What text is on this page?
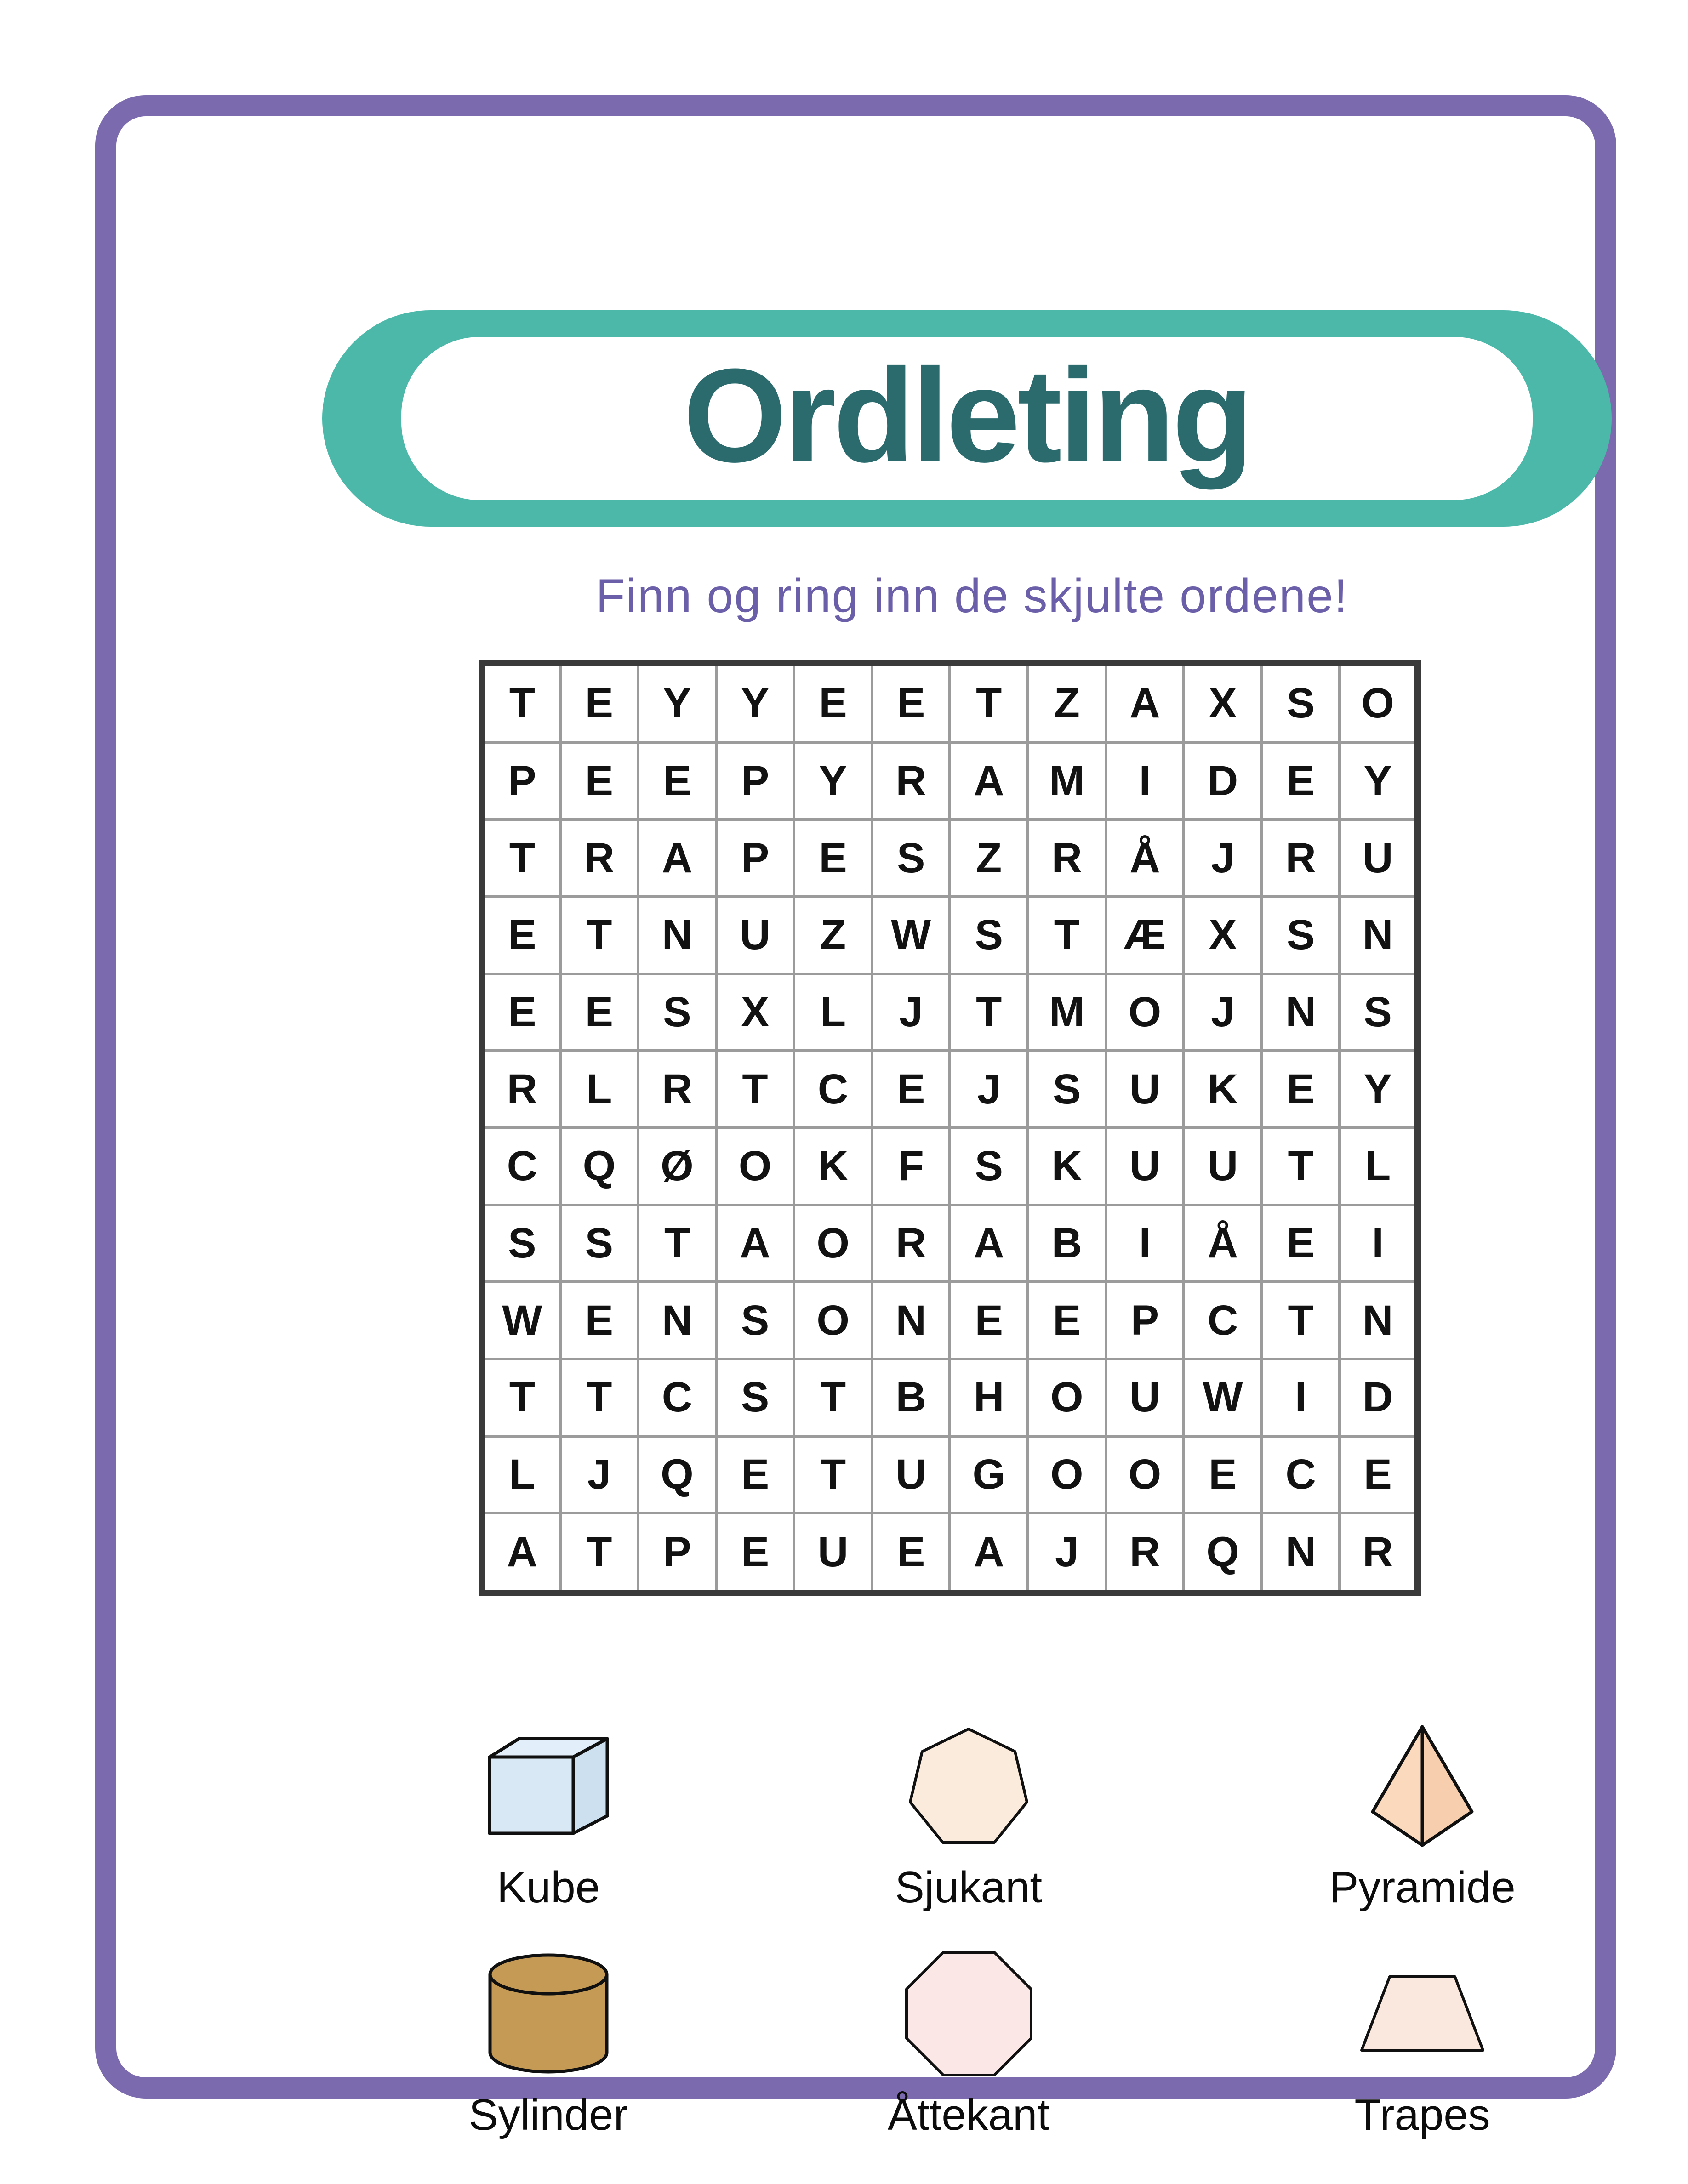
Ordleting
Finn og ring inn de skjulte ordene!
T	E	Y	Y	E	E	T	Z	A	X	S	O
P	E	E	P	Y	R	A	M	I	D	E	Y
T	R	A	P	E	S	Z	R	Å	J	R	U
E	T	N	U	Z	W	S	T	Æ	X	S	N
E	E	S	X	L	J	T	M	O	J	N	S
R	L	R	T	C	E	J	S	U	K	E	Y
C	Q	Ø	O	K	F	S	K	U	U	T	L
S	S	T	A	O	R	A	B	I	Å	E	I
W	E	N	S	O	N	E	E	P	C	T	N
T	T	C	S	T	B	H	O	U	W	I	D
L	J	Q	E	T	U	G	O	O	E	C	E
A	T	P	E	U	E	A	J	R	Q	N	R
Kube	Sjukant	Pyramide
Sylinder	Åttekant	Trapes
